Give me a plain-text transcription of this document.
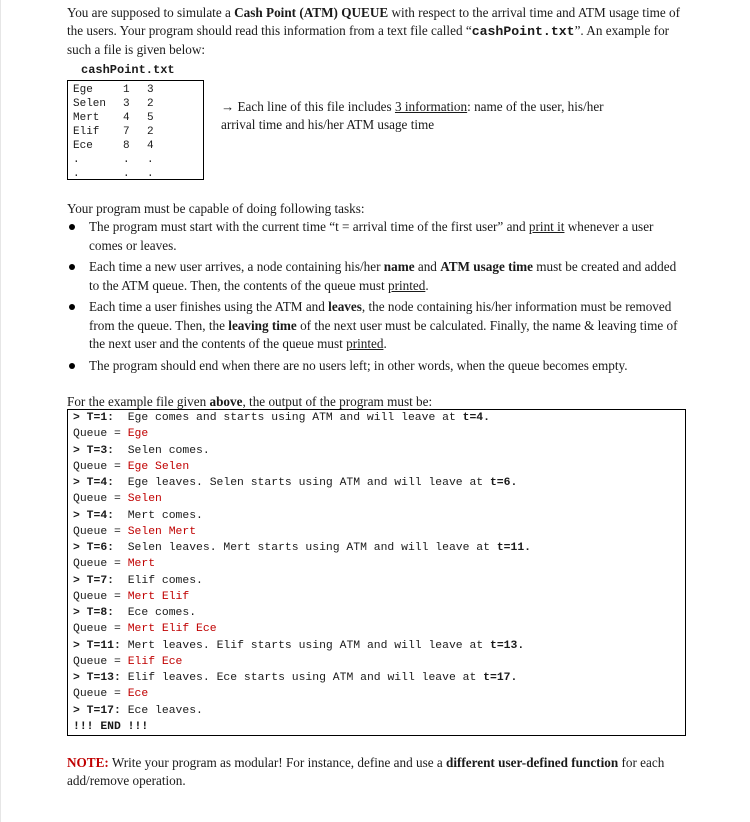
You are supposed to simulate a Cash Point (ATM) QUEUE with respect to the arrival time and ATM usage time of the users. Your program should read this information from a text file called “cashPoint.txt”. An example for such a file is given below:
cashPoint.txt
Ege	1	3
Selen	3	2
Mert	4	5
Elif	7	2
Ece	8	4
.	.	.
.	.	.
→ Each line of this file includes 3 information: name of the user, his/her arrival time and his/her ATM usage time
Your program must be capable of doing following tasks:
The program must start with the current time “t = arrival time of the first user” and print it whenever a user comes or leaves.
Each time a new user arrives, a node containing his/her name and ATM usage time must be created and added to the ATM queue. Then, the contents of the queue must printed.
Each time a user finishes using the ATM and leaves, the node containing his/her information must be removed from the queue. Then, the leaving time of the next user must be calculated. Finally, the name & leaving time of the next user and the contents of the queue must printed.
The program should end when there are no users left; in other words, when the queue becomes empty.
For the example file given above, the output of the program must be:
> T=1: Ege comes and starts using ATM and will leave at t=4.
Queue = Ege
> T=3: Selen comes.
Queue = Ege Selen
> T=4: Ege leaves. Selen starts using ATM and will leave at t=6.
Queue = Selen
> T=4: Mert comes.
Queue = Selen Mert
> T=6: Selen leaves. Mert starts using ATM and will leave at t=11.
Queue = Mert
> T=7: Elif comes.
Queue = Mert Elif
> T=8: Ece comes.
Queue = Mert Elif Ece
> T=11: Mert leaves. Elif starts using ATM and will leave at t=13.
Queue = Elif Ece
> T=13: Elif leaves. Ece starts using ATM and will leave at t=17.
Queue = Ece
> T=17: Ece leaves.
!!! END !!!
NOTE: Write your program as modular! For instance, define and use a different user-defined function for each add/remove operation.
